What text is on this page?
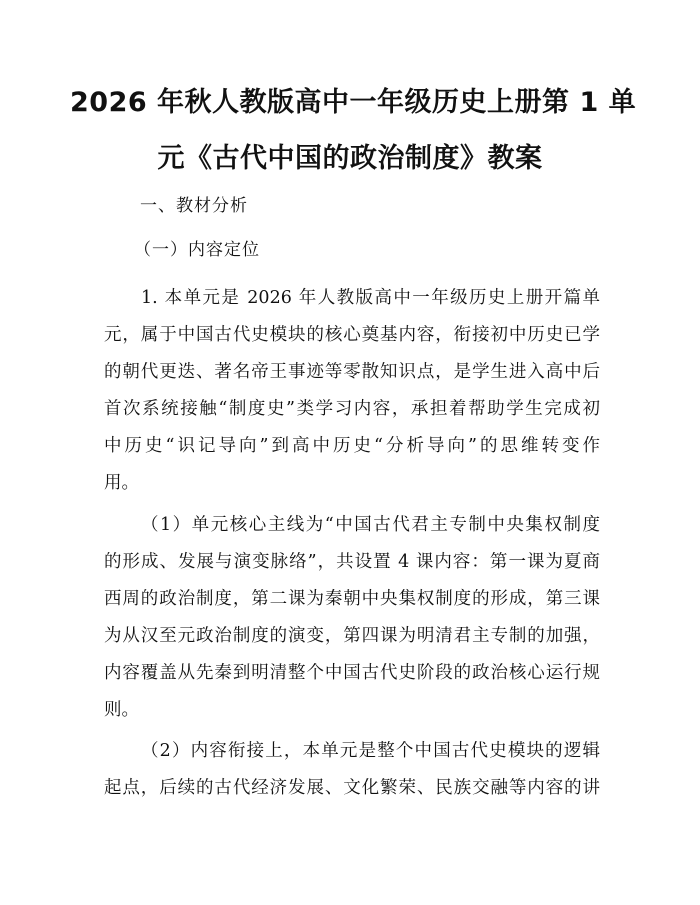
2026 年秋人教版高中一年级历史上册第 1 单
元《古代中国的政治制度》教案
一、教材分析
（一）内容定位
1. 本单元是 2026 年人教版高中一年级历史上册开篇单
元，属于中国古代史模块的核心奠基内容，衔接初中历史已学
的朝代更迭、著名帝王事迹等零散知识点，是学生进入高中后
首次系统接触“制度史”类学习内容，承担着帮助学生完成初
中历史“识记导向”到高中历史“分析导向”的思维转变作
用。
（1）单元核心主线为“中国古代君主专制中央集权制度
的形成、发展与演变脉络”，共设置 4 课内容：第一课为夏商
西周的政治制度，第二课为秦朝中央集权制度的形成，第三课
为从汉至元政治制度的演变，第四课为明清君主专制的加强，
内容覆盖从先秦到明清整个中国古代史阶段的政治核心运行规
则。
（2）内容衔接上，本单元是整个中国古代史模块的逻辑
起点，后续的古代经济发展、文化繁荣、民族交融等内容的讲
